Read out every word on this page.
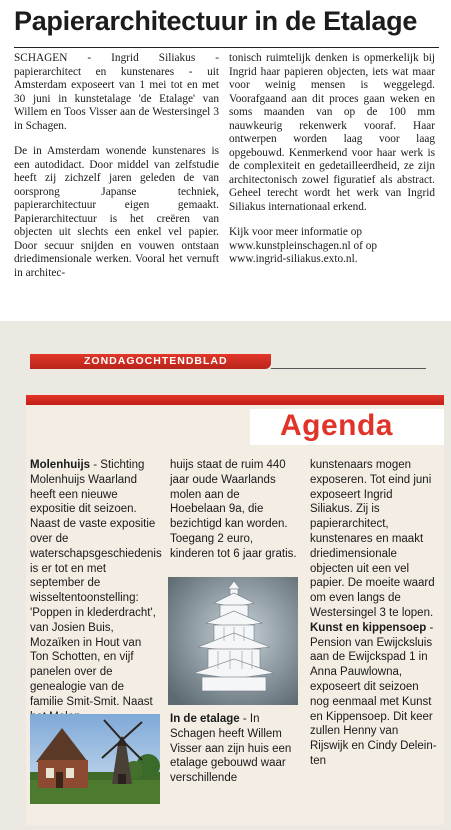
Papierarchitectuur in de Etalage

SCHAGEN - Ingrid Siliakus - papierarchitect en kunstenares - uit Amsterdam exposeert van 1 mei tot en met 30 juni in kunstetalage 'de Etalage' van Willem en Toos Visser aan de Westersingel 3 in Schagen.

De in Amsterdam wonende kunstenares is een autodidact. Door middel van zelfstudie heeft zij zichzelf jaren geleden de van oorsprong Japanse techniek, papierarchitectuur eigen gemaakt. Papierarchitectuur is het creëren van objecten uit slechts een enkel vel papier. Door secuur snijden en vouwen ontstaan driedimensionale werken. Vooral het vernuft in architec-

tonisch ruimtelijk denken is opmerkelijk bij Ingrid haar papieren objecten, iets wat maar voor weinig mensen is weggelegd. Voorafgaand aan dit proces gaan weken en soms maanden van op de 100 mm nauwkeurig rekenwerk vooraf. Haar ontwerpen worden laag voor laag opgebouwd. Kenmerkend voor haar werk is de complexiteit en gedetailleerdheid, ze zijn architectonisch zowel figuratief als abstract. Geheel terecht wordt het werk van Ingrid Siliakus internationaal erkend.

Kijk voor meer informatie op
www.kunstpleinschagen.nl of op
www.ingrid-siliakus.exto.nl.

ZONDAGOCHTENDBLAD
Agenda

Molenhuijs - Stichting Molenhuijs Waarland heeft een nieuwe expositie dit seizoen. Naast de vaste expositie over de waterschapsgeschiedenis is er tot en met september de wisseltentoonstelling: 'Poppen in klederdracht', van Josien Buis, Mozaïken in Hout van Ton Schotten, en vijf panelen over de genealogie van de familie Smit-Smit. Naast

huijs staat de ruim 440 jaar oude Waarlands molen aan de Hoebelaan 9a, die bezichtigd kan worden. Toegang 2 euro, kinderen tot 6 jaar gratis.

In de etalage - In Schagen heeft Willem Visser aan zijn huis een etalage gebouwd waar verschillende

kunstenaars mogen exposeren. Tot eind juni exposeert Ingrid Siliakus. Zij is papierarchitect, kunstenares en maakt driedimensionale objecten uit een vel papier. De moeite waard om even langs de Westersingel 3 te lopen.

Kunst en kippensoep - Pension van Ewijcksluis aan de Ewijckspad 1 in Anna Pauwlowna, exposeert dit seizoen nog eenmaal met Kunst en Kippensoep. Dit keer zullen Henny van Rijswijk en Cindy Delein-ten
